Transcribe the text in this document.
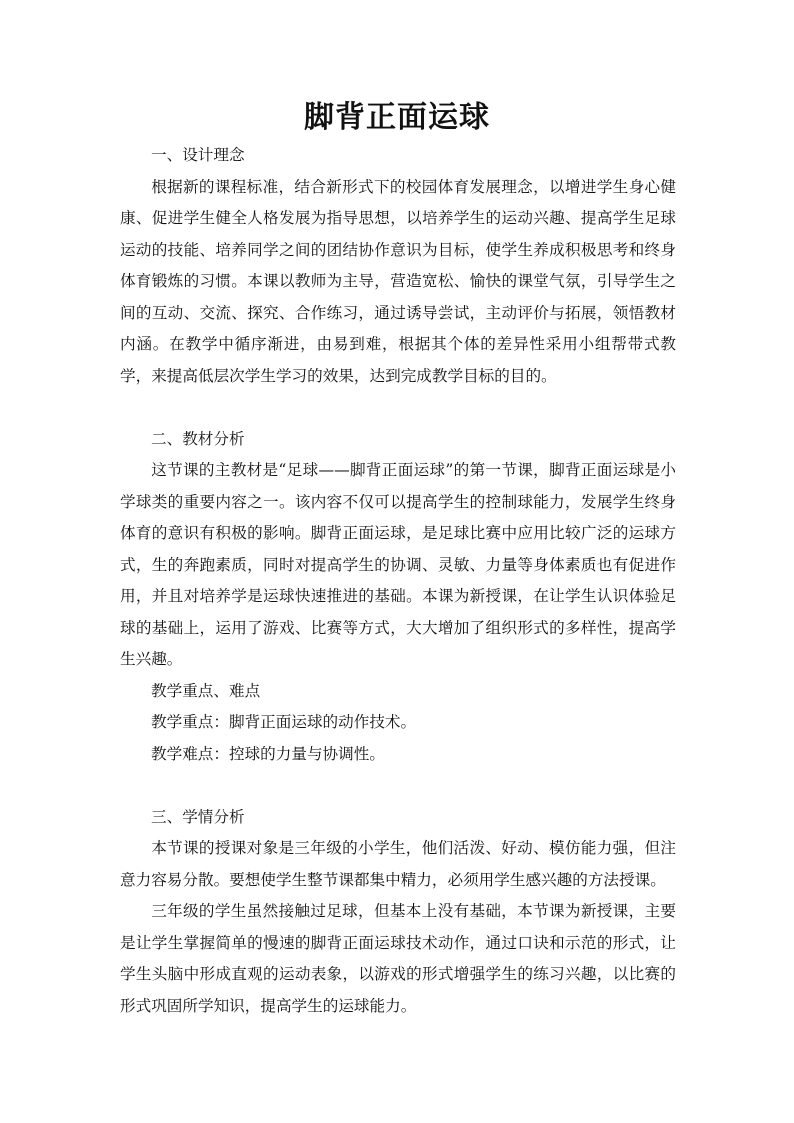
脚背正面运球

一、设计理念

根据新的课程标准，结合新形式下的校园体育发展理念，以增进学生身心健康、促进学生健全人格发展为指导思想，以培养学生的运动兴趣、提高学生足球运动的技能、培养同学之间的团结协作意识为目标，使学生养成积极思考和终身体育锻炼的习惯。本课以教师为主导，营造宽松、愉快的课堂气氛，引导学生之间的互动、交流、探究、合作练习，通过诱导尝试，主动评价与拓展，领悟教材内涵。在教学中循序渐进，由易到难，根据其个体的差异性采用小组帮带式教学，来提高低层次学生学习的效果，达到完成教学目标的目的。

二、教材分析

这节课的主教材是“足球——脚背正面运球”的第一节课，脚背正面运球是小学球类的重要内容之一。该内容不仅可以提高学生的控制球能力，发展学生终身体育的意识有积极的影响。脚背正面运球，是足球比赛中应用比较广泛的运球方式，生的奔跑素质，同时对提高学生的协调、灵敏、力量等身体素质也有促进作用，并且对培养学是运球快速推进的基础。本课为新授课，在让学生认识体验足球的基础上，运用了游戏、比赛等方式，大大增加了组织形式的多样性，提高学生兴趣。

教学重点、难点

教学重点：脚背正面运球的动作技术。

教学难点：控球的力量与协调性。

三、学情分析

本节课的授课对象是三年级的小学生，他们活泼、好动、模仿能力强，但注意力容易分散。要想使学生整节课都集中精力，必须用学生感兴趣的方法授课。

三年级的学生虽然接触过足球，但基本上没有基础，本节课为新授课，主要是让学生掌握简单的慢速的脚背正面运球技术动作，通过口诀和示范的形式，让学生头脑中形成直观的运动表象，以游戏的形式增强学生的练习兴趣，以比赛的形式巩固所学知识，提高学生的运球能力。
